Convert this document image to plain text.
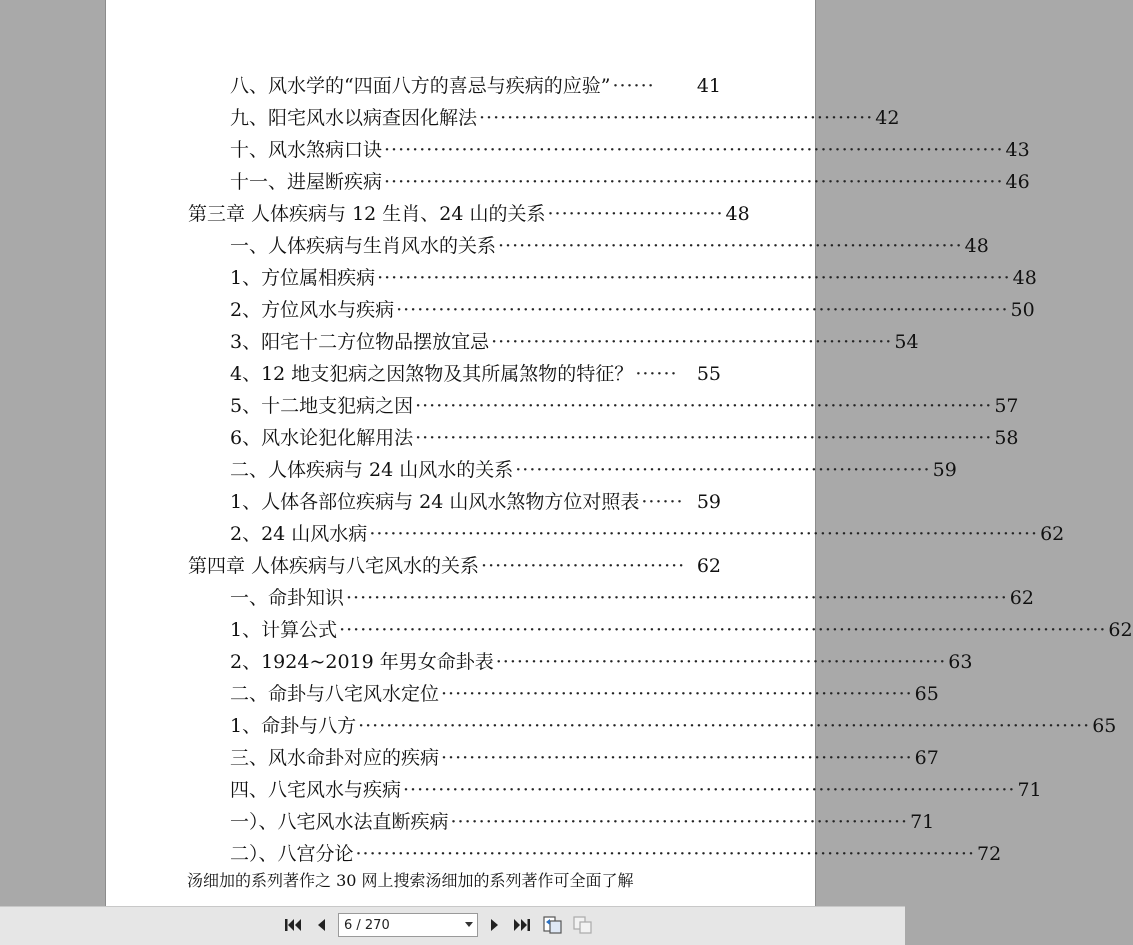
八、风水学的“四面八方的喜忌与疾病的应验” ······	41
九、阳宅风水以病查因化解法 ························································ 42
十、风水煞病口诀 ························································································ 43
十一、进屋断疾病 ························································································ 46
第三章 人体疾病与 12 生肖、24 山的关系 ························· 48
一、人体疾病与生肖风水的关系 ·································································· 48
1、方位属相疾病 ·························································································· 48
2、方位风水与疾病 ······················································································· 50
3、阳宅十二方位物品摆放宜忌 ························································· 54
4、12 地支犯病之因煞物及其所属煞物的特征？ ······	55
5、十二地支犯病之因 ·················································································· 57
6、风水论犯化解用法 ·················································································· 58
二、人体疾病与 24 山风水的关系 ··························································· 59
1、人体各部位疾病与 24 山风水煞物方位对照表 ······ 59
2、24 山风水病 ······························································································· 62
第四章 人体疾病与八宅风水的关系 ····························· 62
一、命卦知识 ······························································································ 62
1、计算公式 ············································································································· 62
2、1924~2019 年男女命卦表 ································································ 63
二、命卦与八宅风水定位 ··································································· 65
1、命卦与八方 ········································································································ 65
三、风水命卦对应的疾病 ··································································· 67
四、八宅风水与疾病 ······················································································· 71
一）、八宅风水法直断疾病 ································································· 71
二）、八宫分论 ························································································ 72
汤细加的系列著作之 30 网上搜索汤细加的系列著作可全面了解
6 / 270
